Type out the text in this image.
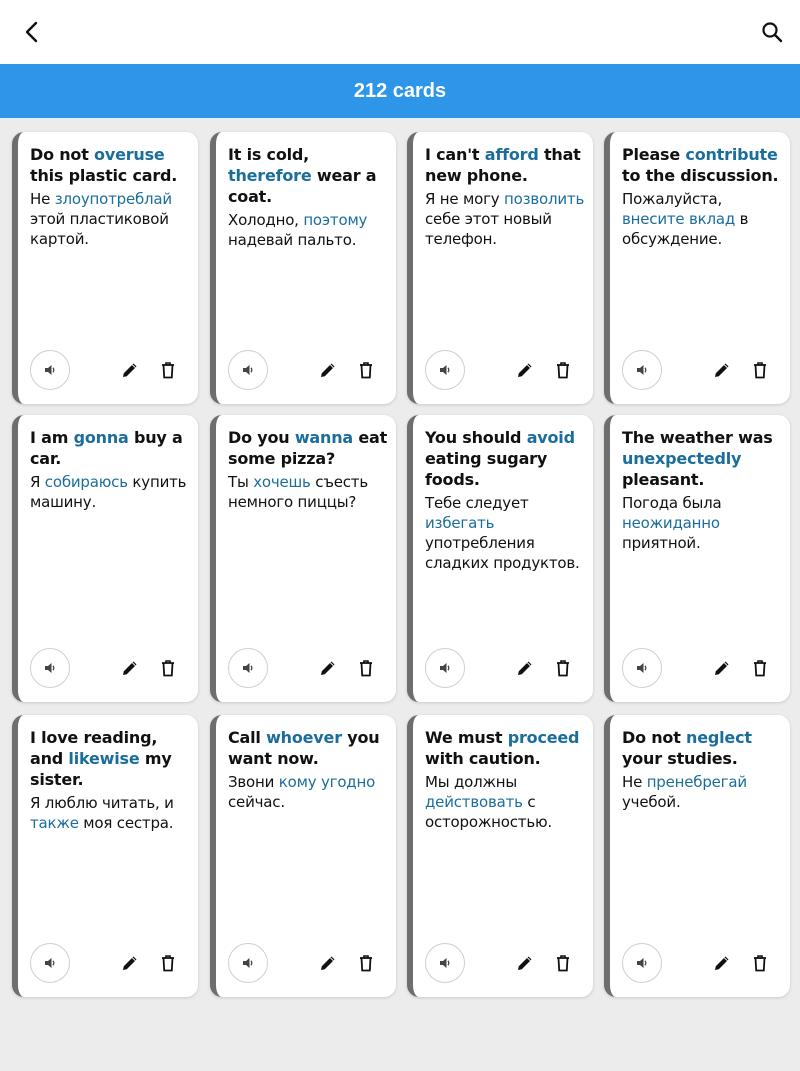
212 cards
Do not overuse this plastic card.
Не злоупотреблай этой пластиковой картой.
It is cold, therefore wear a coat.
Холодно, поэтому надевай пальто.
I can't afford that new phone.
Я не могу позволить себе этот новый телефон.
Please contribute to the discussion.
Пожалуйста, внесите вклад в обсуждение.
I am gonna buy a car.
Я собираюсь купить машину.
Do you wanna eat some pizza?
Ты хочешь съесть немного пиццы?
You should avoid eating sugary foods.
Тебе следует избегать употребления сладких продуктов.
The weather was unexpectedly pleasant.
Погода была неожиданно приятной.
I love reading, and likewise my sister.
Я люблю читать, и также моя сестра.
Call whoever you want now.
Звони кому угодно сейчас.
We must proceed with caution.
Мы должны действовать с осторожностью.
Do not neglect your studies.
Не пренебрегай учебой.
